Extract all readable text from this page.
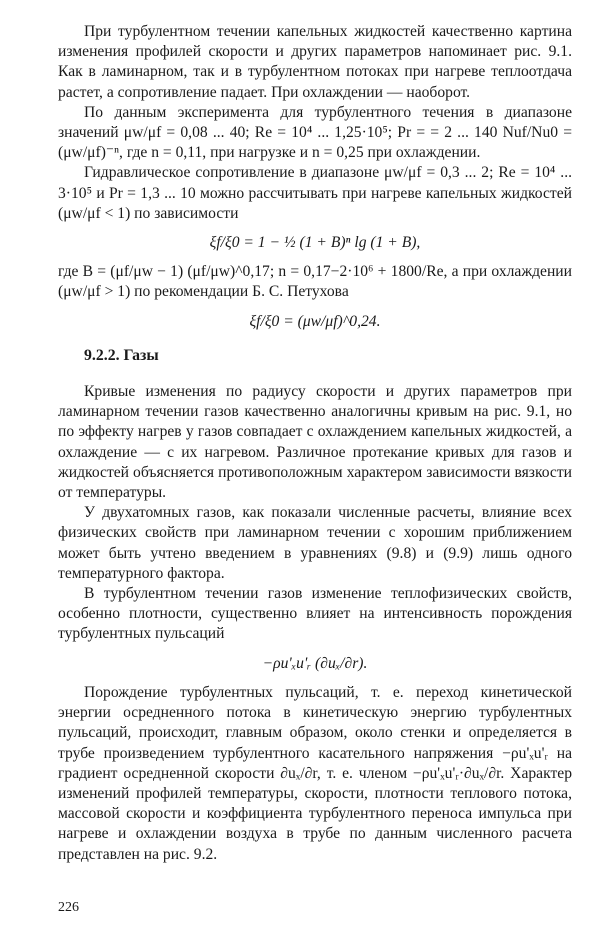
При турбулентном течении капельных жидкостей качественно картина изменения профилей скорости и других параметров напоминает рис. 9.1. Как в ламинарном, так и в турбулентном потоках при нагреве теплоотдача растет, а сопротивление падает. При охлаждении — наоборот.

По данным эксперимента для турбулентного течения в диапазоне значений μw/μf = 0,08 ... 40; Re = 10⁴ ... 1,25·10⁵; Pr = = 2 ... 140 Nuf/Nu0 = (μw/μf)⁻ⁿ, где n = 0,11, при нагрузке и n = 0,25 при охлаждении.

Гидравлическое сопротивление в диапазоне μw/μf = 0,3 ... 2; Re = 10⁴ ... 3·10⁵ и Pr = 1,3 ... 10 можно рассчитывать при нагреве капельных жидкостей (μw/μf < 1) по зависимости

ξf/ξ0 = 1 − ½ (1 + B)ⁿ lg (1 + B),

где B = (μf/μw − 1) (μf/μw)^0,17; n = 0,17−2·10⁶ + 1800/Re, а при охлаждении (μw/μf > 1) по рекомендации Б. С. Петухова

ξf/ξ0 = (μw/μf)^0,24.

9.2.2. Газы

Кривые изменения по радиусу скорости и других параметров при ламинарном течении газов качественно аналогичны кривым на рис. 9.1, но по эффекту нагрев у газов совпадает с охлаждением капельных жидкостей, а охлаждение — с их нагревом. Различное протекание кривых для газов и жидкостей объясняется противоположным характером зависимости вязкости от температуры.

У двухатомных газов, как показали численные расчеты, влияние всех физических свойств при ламинарном течении с хорошим приближением может быть учтено введением в уравнениях (9.8) и (9.9) лишь одного температурного фактора.

В турбулентном течении газов изменение теплофизических свойств, особенно плотности, существенно влияет на интенсивность порождения турбулентных пульсаций

−ρu'ₓu'ᵣ (∂uₓ/∂r).

Порождение турбулентных пульсаций, т. е. переход кинетической энергии осредненного потока в кинетическую энергию турбулентных пульсаций, происходит, главным образом, около стенки и определяется в трубе произведением турбулентного касательного напряжения −ρu'ₓu'ᵣ на градиент осредненной скорости ∂uₓ/∂r, т. е. членом −ρu'ₓu'ᵣ·∂uₓ/∂r. Характер изменений профилей температуры, скорости, плотности теплового потока, массовой скорости и коэффициента турбулентного переноса импульса при нагреве и охлаждении воздуха в трубе по данным численного расчета представлен на рис. 9.2.

226
